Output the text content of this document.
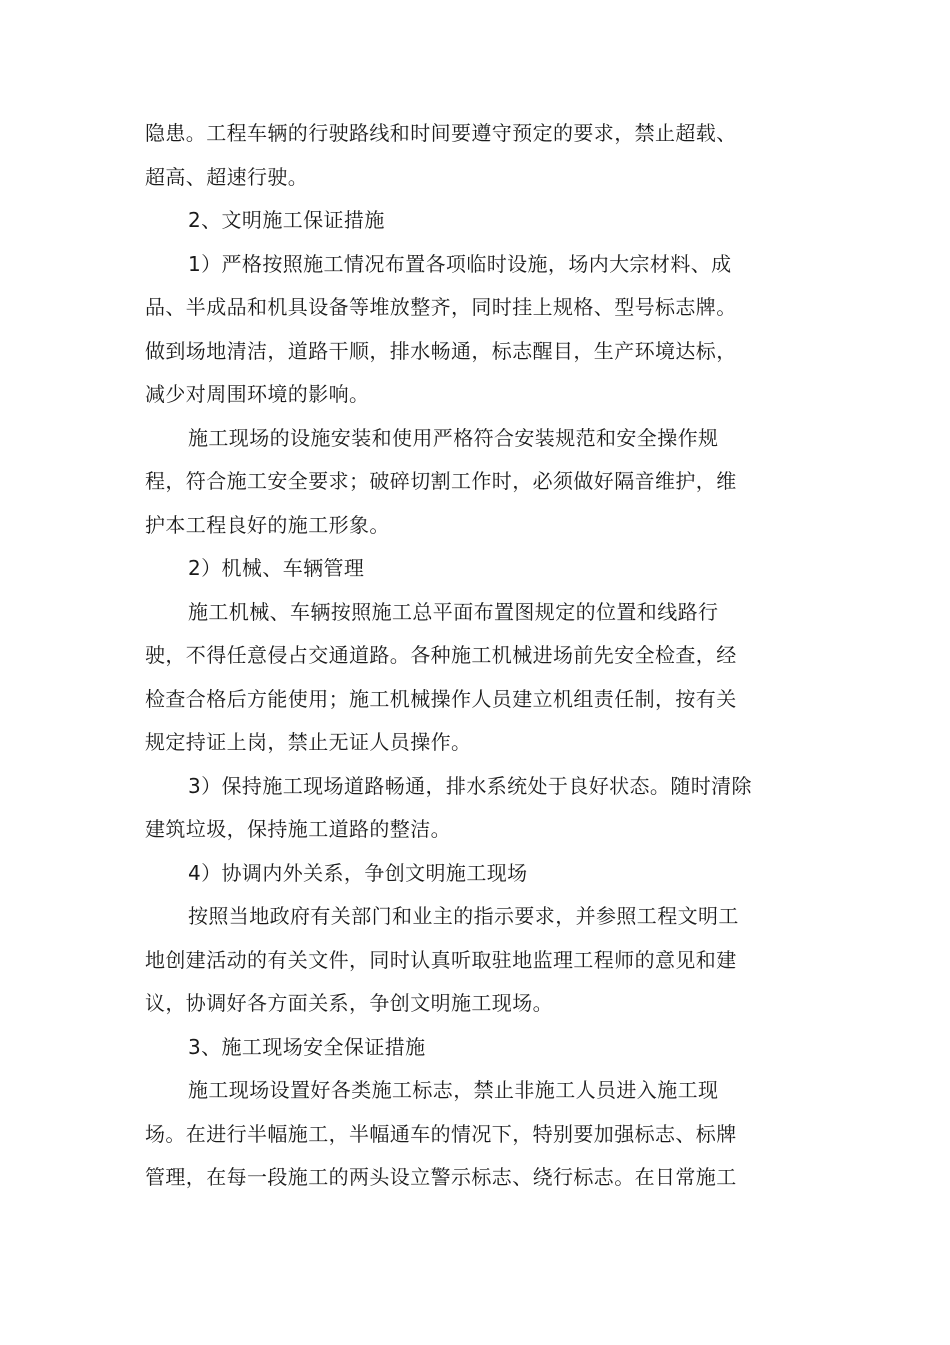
隐患。工程车辆的行驶路线和时间要遵守预定的要求，禁止超载、
超高、超速行驶。
2、文明施工保证措施
1）严格按照施工情况布置各项临时设施，场内大宗材料、成
品、半成品和机具设备等堆放整齐，同时挂上规格、型号标志牌。
做到场地清洁，道路干顺，排水畅通，标志醒目，生产环境达标，
减少对周围环境的影响。
施工现场的设施安装和使用严格符合安装规范和安全操作规
程，符合施工安全要求；破碎切割工作时，必须做好隔音维护，维
护本工程良好的施工形象。
2）机械、车辆管理
施工机械、车辆按照施工总平面布置图规定的位置和线路行
驶，不得任意侵占交通道路。各种施工机械进场前先安全检查，经
检查合格后方能使用；施工机械操作人员建立机组责任制，按有关
规定持证上岗，禁止无证人员操作。
3）保持施工现场道路畅通，排水系统处于良好状态。随时清除
建筑垃圾，保持施工道路的整洁。
4）协调内外关系，争创文明施工现场
按照当地政府有关部门和业主的指示要求，并参照工程文明工
地创建活动的有关文件，同时认真听取驻地监理工程师的意见和建
议，协调好各方面关系，争创文明施工现场。
3、施工现场安全保证措施
施工现场设置好各类施工标志，禁止非施工人员进入施工现
场。在进行半幅施工，半幅通车的情况下，特别要加强标志、标牌
管理，在每一段施工的两头设立警示标志、绕行标志。在日常施工
